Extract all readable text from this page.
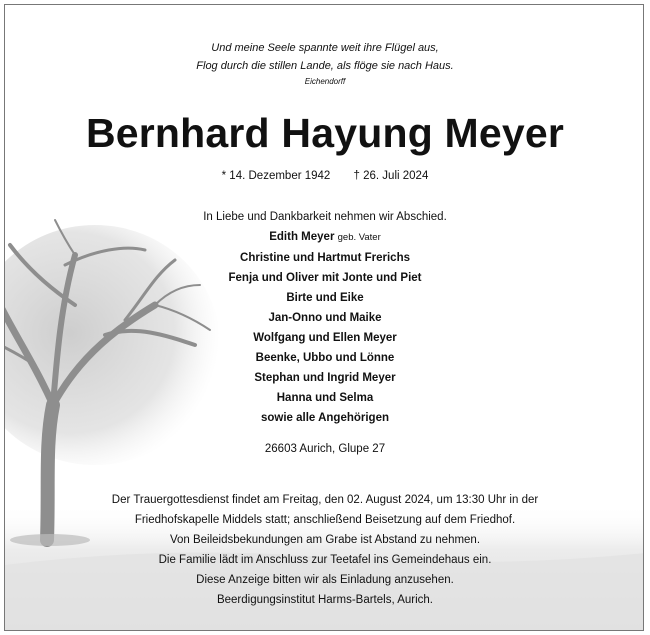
Und meine Seele spannte weit ihre Flügel aus,
Flog durch die stillen Lande, als flöge sie nach Haus.
Eichendorff
Bernhard Hayung Meyer
* 14. Dezember 1942 † 26. Juli 2024
In Liebe und Dankbarkeit nehmen wir Abschied.
Edith Meyer geb. Vater
Christine und Hartmut Frerichs
Fenja und Oliver mit Jonte und Piet
Birte und Eike
Jan-Onno und Maike
Wolfgang und Ellen Meyer
Beenke, Ubbo und Lönne
Stephan und Ingrid Meyer
Hanna und Selma
sowie alle Angehörigen
26603 Aurich, Glupe 27

Der Trauergottesdienst findet am Freitag, den 02. August 2024, um 13:30 Uhr in der

Friedhofskapelle Middels statt; anschließend Beisetzung auf dem Friedhof.

Von Beileidsbekundungen am Grabe ist Abstand zu nehmen.

Die Familie lädt im Anschluss zur Teetafel ins Gemeindehaus ein.

Diese Anzeige bitten wir als Einladung anzusehen.

Beerdigungsinstitut Harms-Bartels, Aurich.
